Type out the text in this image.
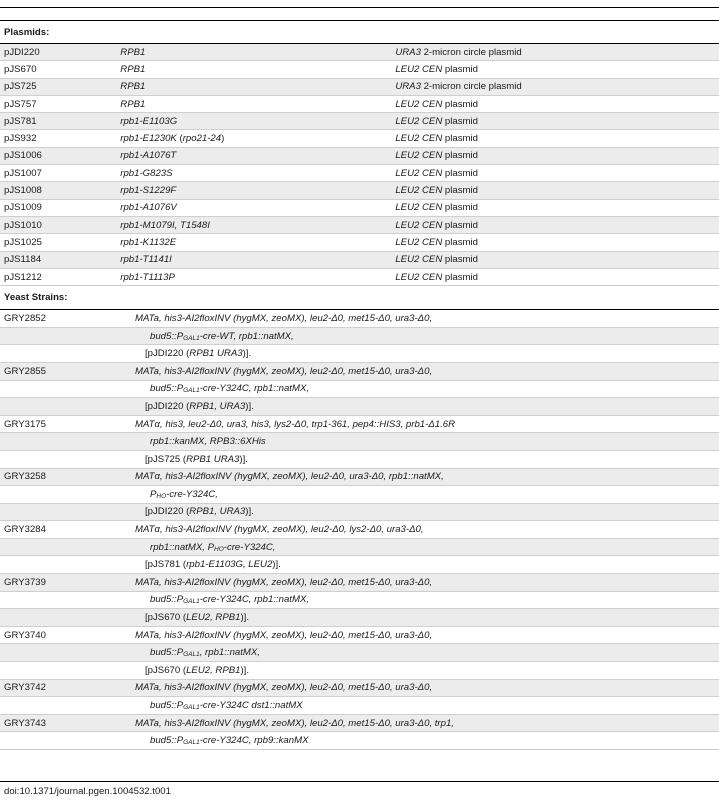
Plasmids:		
pJDI220	RPB1	URA3 2-micron circle plasmid
pJS670	RPB1	LEU2 CEN plasmid
pJS725	RPB1	URA3 2-micron circle plasmid
pJS757	RPB1	LEU2 CEN plasmid
pJS781	rpb1-E1103G	LEU2 CEN plasmid
pJS932	rpb1-E1230K (rpo21-24)	LEU2 CEN plasmid
pJS1006	rpb1-A1076T	LEU2 CEN plasmid
pJS1007	rpb1-G823S	LEU2 CEN plasmid
pJS1008	rpb1-S1229F	LEU2 CEN plasmid
pJS1009	rpb1-A1076V	LEU2 CEN plasmid
pJS1010	rpb1-M1079I, T1548I	LEU2 CEN plasmid
pJS1025	rpb1-K1132E	LEU2 CEN plasmid
pJS1184	rpb1-T1141I	LEU2 CEN plasmid
pJS1212	rpb1-T1113P	LEU2 CEN plasmid
Yeast Strains:		
GRY2852 MATa, his3-AI2floxINV (hygMX, zeoMX), leu2-Δ0, met15-Δ0, ura3-Δ0,		
$bud5::P_{GAL1}-cre-WT$, rpb1::natMX,		
[pJDI220 (RPB1 URA3)].		
GRY2855 MATa, his3-AI2floxINV (hygMX, zeoMX), leu2-Δ0, met15-Δ0, ura3-Δ0,		
$bud5::P_{GAL1}-cre-Y324C$, rpb1::natMX,		
[pJDI220 (RPB1, URA3)].		
GRY3175 MATα, his3, leu2-Δ0, ura3, his3, lys2-Δ0, trp1-361, pep4::HIS3, prb1-Δ1.6R		
rpb1::kanMX, RPB3::6XHis		
[pJS725 (RPB1 URA3)].		
GRY3258 MATα, his3-AI2floxINV (hygMX, zeoMX), leu2-Δ0, ura3-Δ0, rpb1::natMX,		
$P_{HO}-cre-Y324C$,		
[pJDI220 (RPB1, URA3)].		
GRY3284 MATα, his3-AI2floxINV (hygMX, zeoMX), leu2-Δ0, lys2-Δ0, ura3-Δ0,		
rpb1::natMX, $P_{HO}-cre-Y324C$,		
[pJS781 (rpb1-E1103G, LEU2)].		
GRY3739 MATa, his3-AI2floxINV (hygMX, zeoMX), leu2-Δ0, met15-Δ0, ura3-Δ0,		
$bud5::P_{GAL1}-cre-Y324C$, rpb1::natMX,		
[pJS670 (LEU2, RPB1)].		
GRY3740 MATa, his3-AI2floxINV (hygMX, zeoMX), leu2-Δ0, met15-Δ0, ura3-Δ0,		
$bud5::P_{GAL1}$, rpb1::natMX,		
[pJS670 (LEU2, RPB1)].		
GRY3742 MATa, his3-AI2floxINV (hygMX, zeoMX), leu2-Δ0, met15-Δ0, ura3-Δ0,		
$bud5::P_{GAL1}-cre-Y324C$ dst1::natMX		
GRY3743 MATa, his3-AI2floxINV (hygMX, zeoMX), leu2-Δ0, met15-Δ0, ura3-Δ0, trp1,		
$bud5::P_{GAL1}-cre-Y324C$, rpb9::kanMX		
doi:10.1371/journal.pgen.1004532.t001
